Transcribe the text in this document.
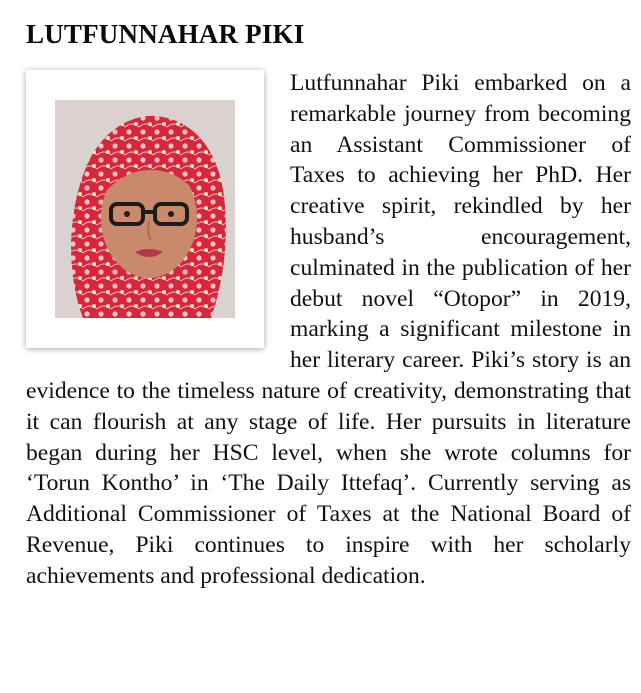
LUTFUNNAHAR PIKI

Lutfunnahar Piki embarked on a remarkable journey from becoming an Assistant Commissioner of Taxes to achieving her PhD. Her creative spirit, rekindled by her husband’s encouragement, culminated in the publication of her debut novel “Otopor” in 2019, marking a significant milestone in her literary career. Piki’s story is an evidence to the timeless nature of creativity, demonstrating that it can flourish at any stage of life. Her pursuits in literature began during her HSC level, when she wrote columns for ‘Torun Kontho’ in ‘The Daily Ittefaq’. Currently serving as Additional Commissioner of Taxes at the National Board of Revenue, Piki continues to inspire with her scholarly achievements and professional dedication.
